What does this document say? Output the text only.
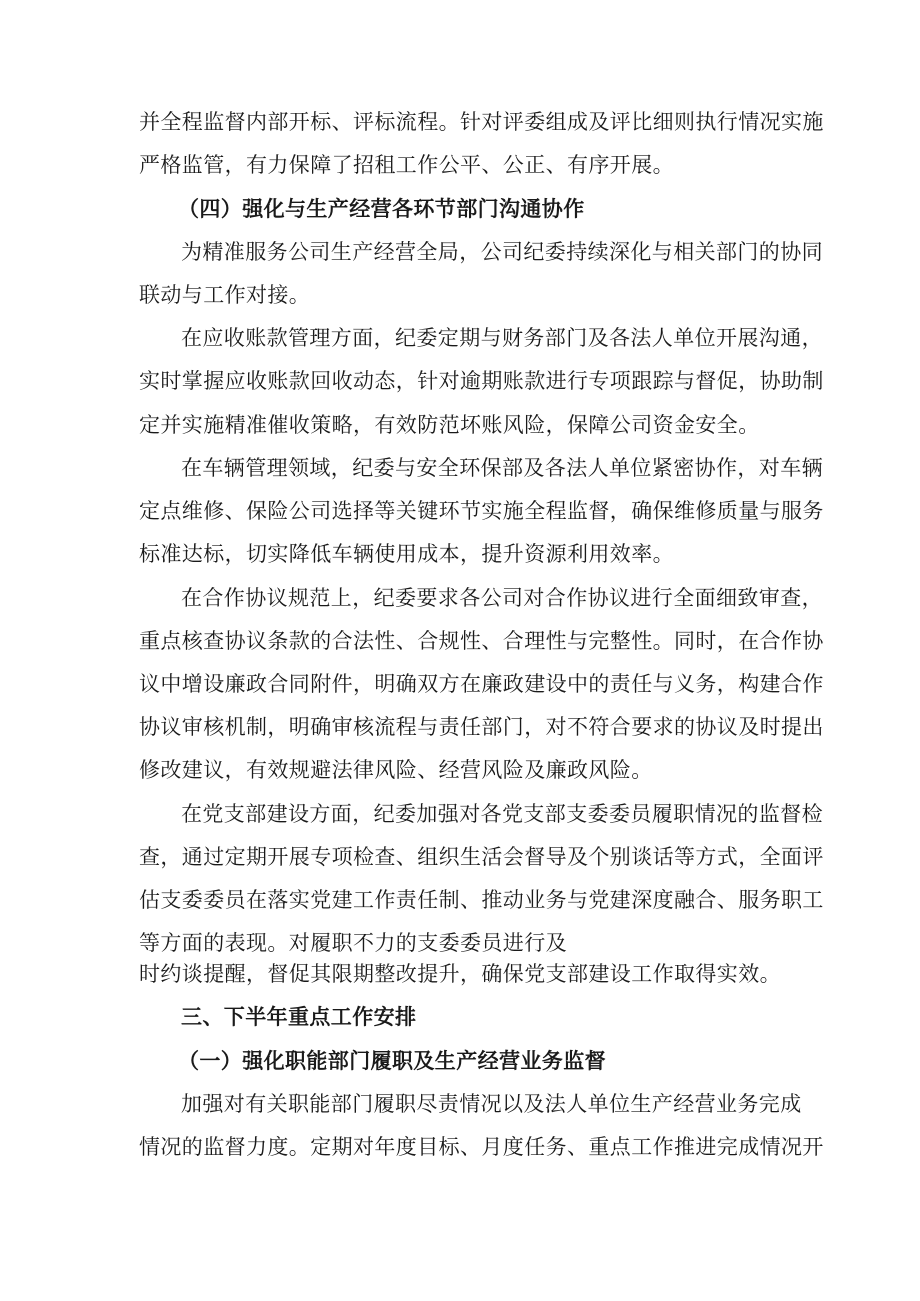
并全程监督内部开标、评标流程。针对评委组成及评比细则执行情况实施
严格监管，有力保障了招租工作公平、公正、有序开展。
（四）强化与生产经营各环节部门沟通协作
为精准服务公司生产经营全局，公司纪委持续深化与相关部门的协同
联动与工作对接。
在应收账款管理方面，纪委定期与财务部门及各法人单位开展沟通，
实时掌握应收账款回收动态，针对逾期账款进行专项跟踪与督促，协助制
定并实施精准催收策略，有效防范坏账风险，保障公司资金安全。
在车辆管理领域，纪委与安全环保部及各法人单位紧密协作，对车辆
定点维修、保险公司选择等关键环节实施全程监督，确保维修质量与服务
标准达标，切实降低车辆使用成本，提升资源利用效率。
在合作协议规范上，纪委要求各公司对合作协议进行全面细致审查，
重点核查协议条款的合法性、合规性、合理性与完整性。同时，在合作协
议中增设廉政合同附件，明确双方在廉政建设中的责任与义务，构建合作
协议审核机制，明确审核流程与责任部门，对不符合要求的协议及时提出
修改建议，有效规避法律风险、经营风险及廉政风险。
在党支部建设方面，纪委加强对各党支部支委委员履职情况的监督检
查，通过定期开展专项检查、组织生活会督导及个别谈话等方式，全面评
估支委委员在落实党建工作责任制、推动业务与党建深度融合、服务职工
等方面的表现。对履职不力的支委委员进行及
时约谈提醒，督促其限期整改提升，确保党支部建设工作取得实效。
三、下半年重点工作安排
（一）强化职能部门履职及生产经营业务监督
加强对有关职能部门履职尽责情况以及法人单位生产经营业务完成
情况的监督力度。定期对年度目标、月度任务、重点工作推进完成情况开
